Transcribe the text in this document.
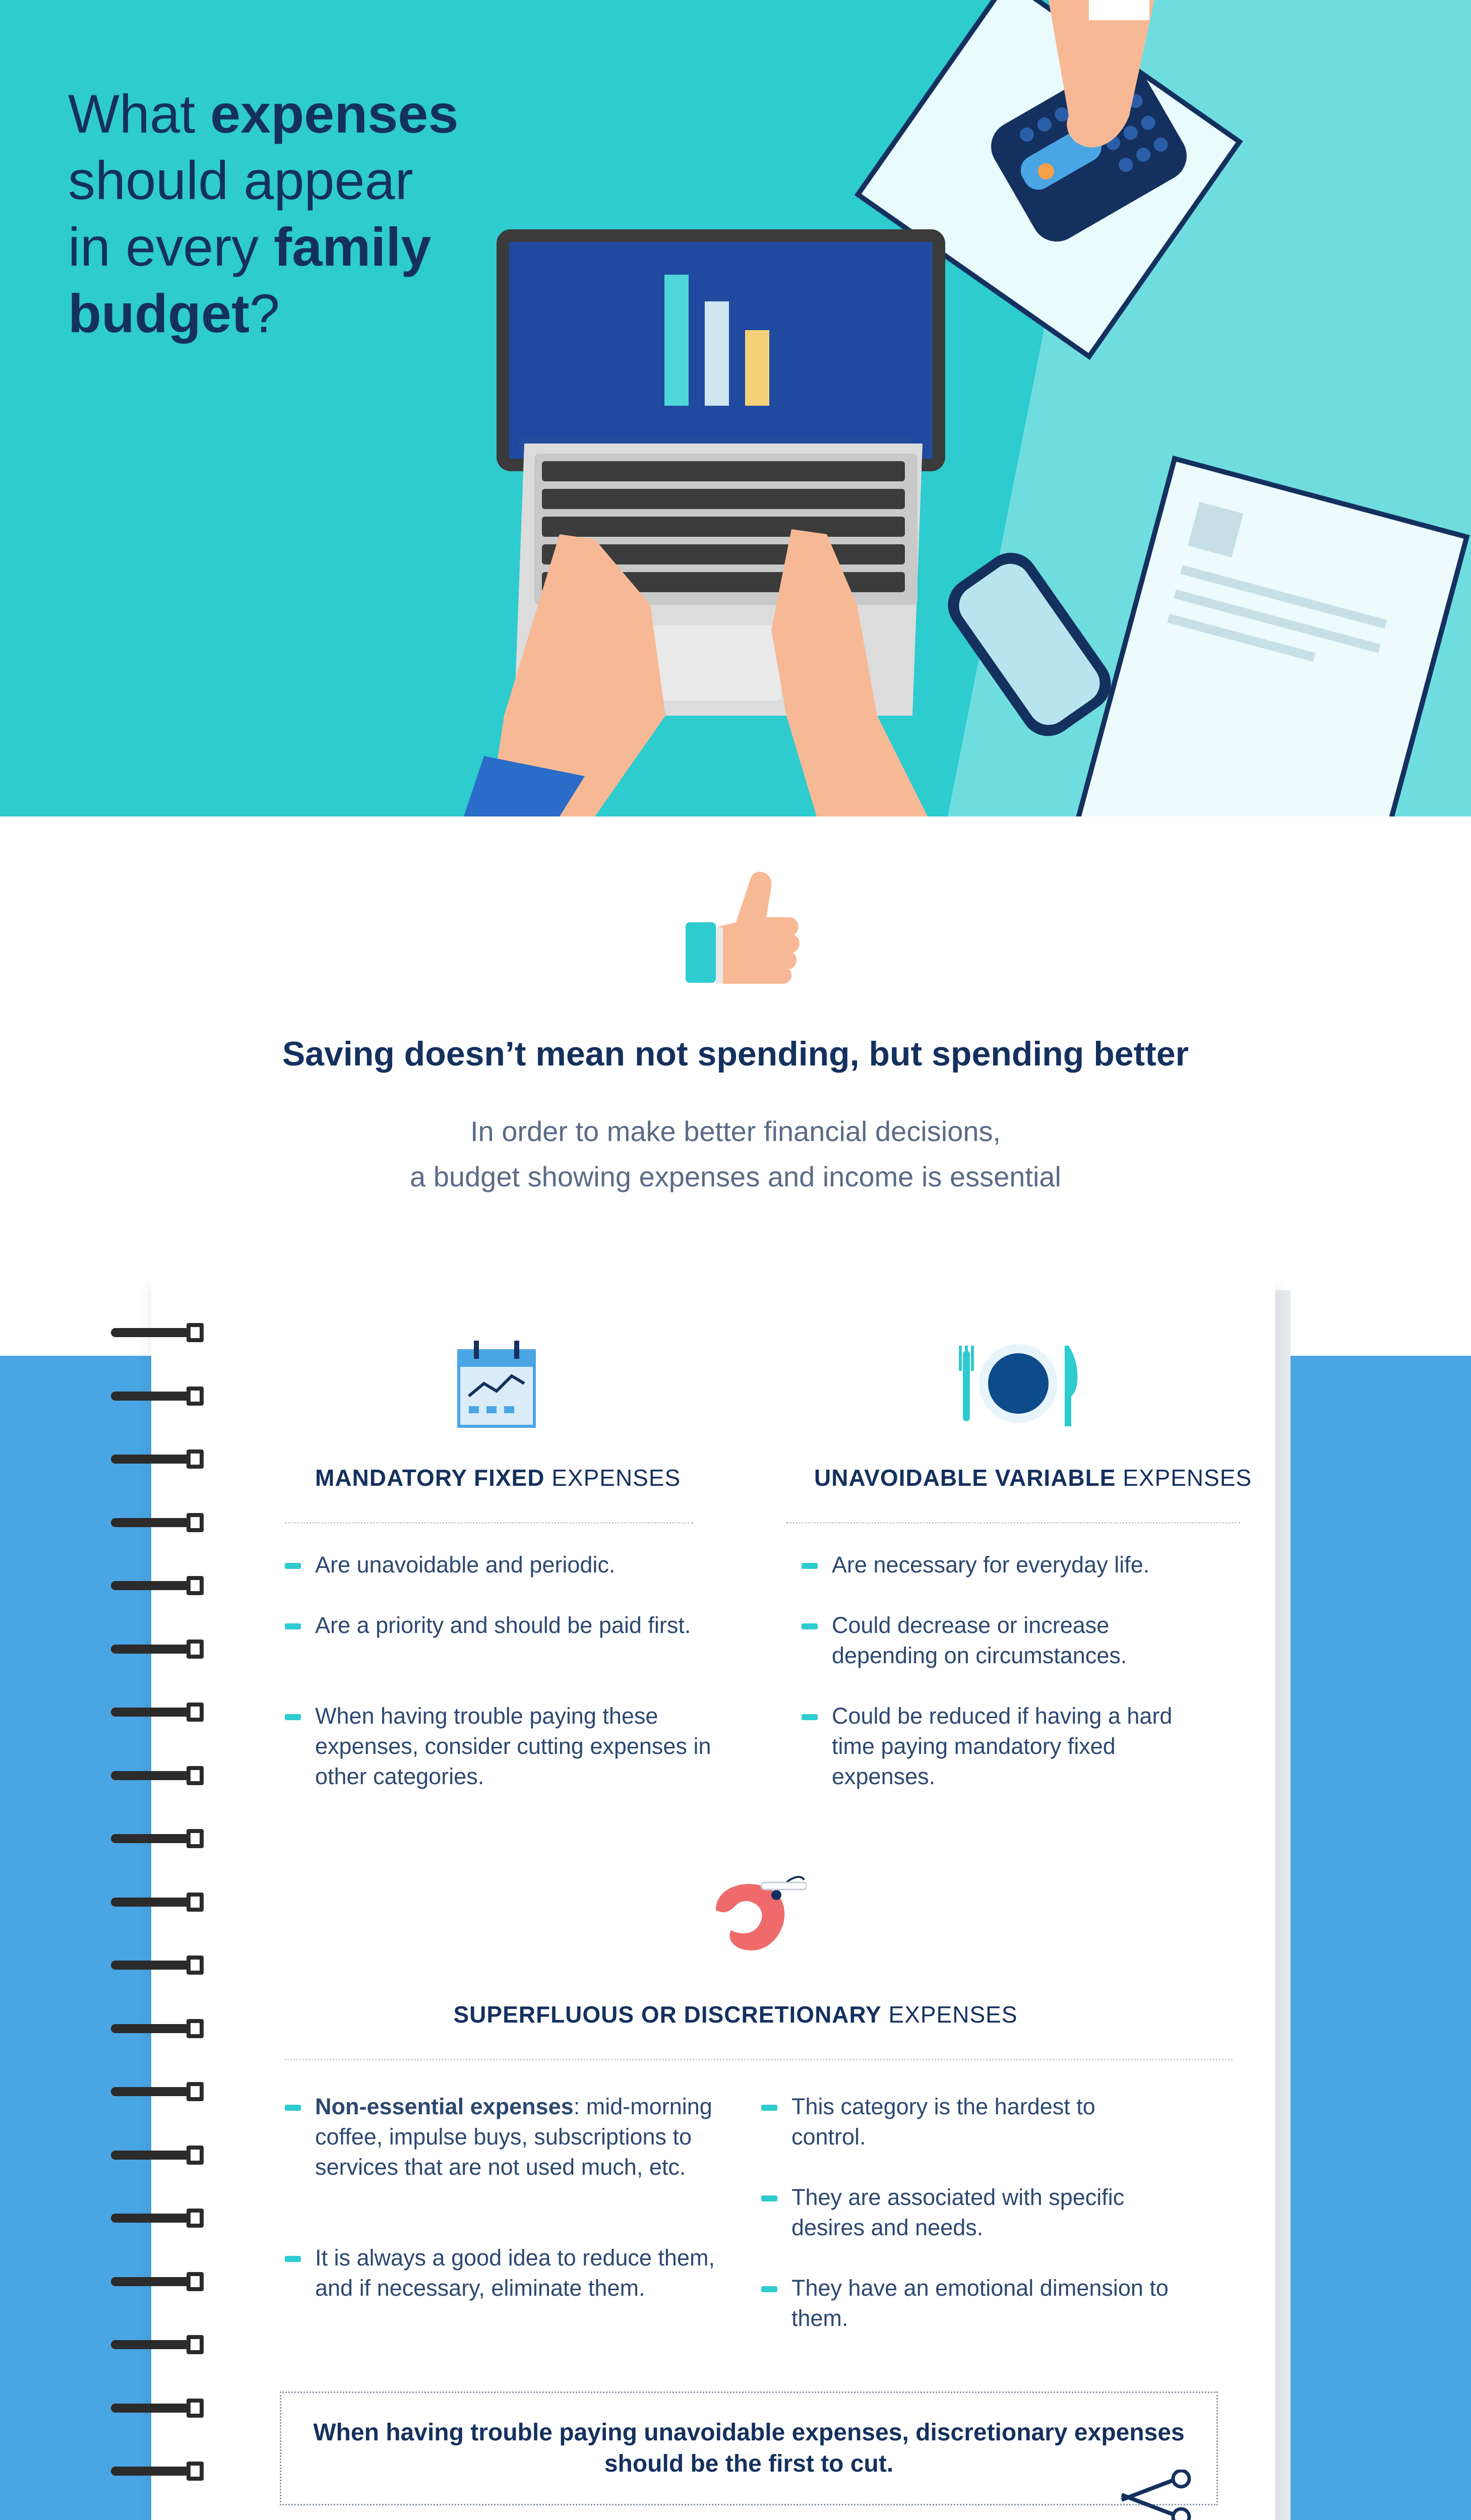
What expenses
should appear
in every family
budget?
Saving doesn’t mean not spending, but spending better
In order to make better financial decisions,
a budget showing expenses and income is essential
MANDATORY FIXED EXPENSES
Are unavoidable and periodic.
Are a priority and should be paid first.
When having trouble paying these expenses, consider cutting expenses in other categories.
UNAVOIDABLE VARIABLE EXPENSES
Are necessary for everyday life.
Could decrease or increase depending on circumstances.
Could be reduced if having a hard time paying mandatory fixed expenses.
SUPERFLUOUS OR DISCRETIONARY EXPENSES
Non-essential expenses: mid-morning coffee, impulse buys, subscriptions to services that are not used much, etc.
It is always a good idea to reduce them, and if necessary, eliminate them.
This category is the hardest to control.
They are associated with specific desires and needs.
They have an emotional dimension to them.
When having trouble paying unavoidable expenses, discretionary expenses should be the first to cut.
